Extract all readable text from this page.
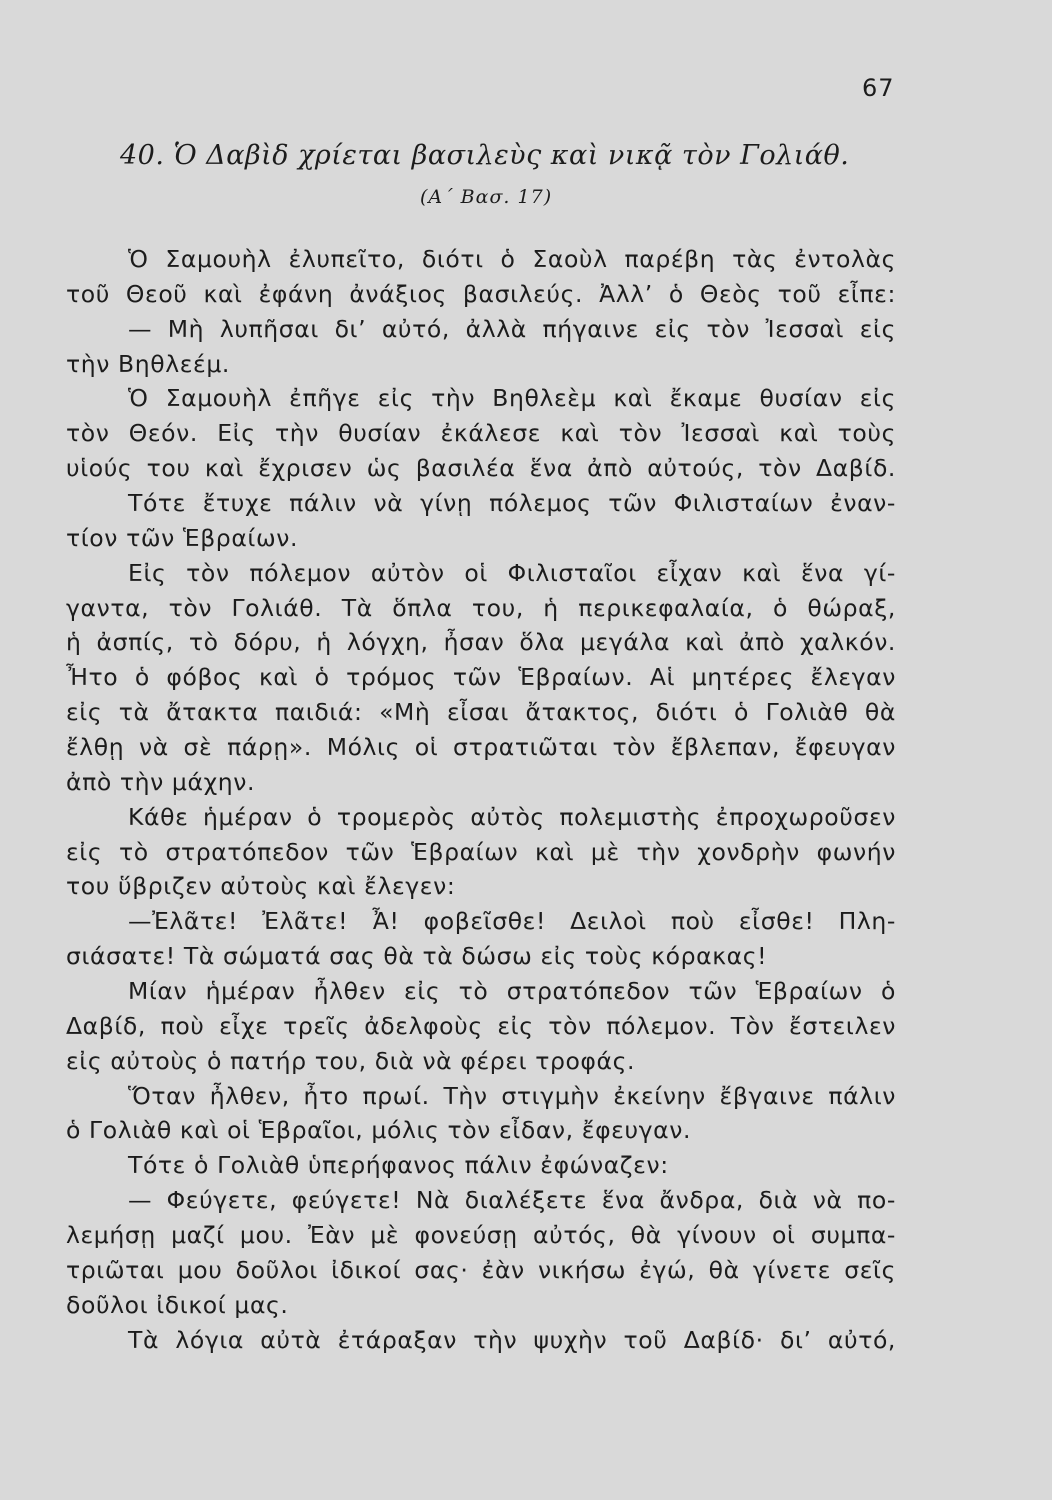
67
40. Ὁ Δαβὶδ χρίεται βασιλεὺς καὶ νικᾷ τὸν Γολιάθ.
(Α΄ Βασ. 17)
Ὁ Σαμουὴλ ἐλυπεῖτο, διότι ὁ Σαοὺλ παρέβη τὰς ἐντολὰς
τοῦ Θεοῦ καὶ ἐφάνη ἀνάξιος βασιλεύς. Ἀλλ’ ὁ Θεὸς τοῦ εἶπε:
— Μὴ λυπῆσαι δι’ αὐτό, ἀλλὰ πήγαινε εἰς τὸν Ἰεσσαὶ εἰς
τὴν Βηθλεέμ.
Ὁ Σαμουὴλ ἐπῆγε εἰς τὴν Βηθλεὲμ καὶ ἔκαμε θυσίαν εἰς
τὸν Θεόν. Εἰς τὴν θυσίαν ἐκάλεσε καὶ τὸν Ἰεσσαὶ καὶ τοὺς
υἱούς του καὶ ἔχρισεν ὡς βασιλέα ἕνα ἀπὸ αὐτούς, τὸν Δαβίδ.
Τότε ἔτυχε πάλιν νὰ γίνῃ πόλεμος τῶν Φιλισταίων ἐναν-
τίον τῶν Ἑβραίων.
Εἰς τὸν πόλεμον αὐτὸν οἱ Φιλισταῖοι εἶχαν καὶ ἕνα γί-
γαντα, τὸν Γολιάθ. Τὰ ὅπλα του, ἡ περικεφαλαία, ὁ θώραξ,
ἡ ἀσπίς, τὸ δόρυ, ἡ λόγχη, ἦσαν ὅλα μεγάλα καὶ ἀπὸ χαλκόν.
Ἦτο ὁ φόβος καὶ ὁ τρόμος τῶν Ἑβραίων. Αἱ μητέρες ἔλεγαν
εἰς τὰ ἄτακτα παιδιά: «Μὴ εἶσαι ἄτακτος, διότι ὁ Γολιὰθ θὰ
ἔλθῃ νὰ σὲ πάρῃ». Μόλις οἱ στρατιῶται τὸν ἔβλεπαν, ἔφευγαν
ἀπὸ τὴν μάχην.
Κάθε ἡμέραν ὁ τρομερὸς αὐτὸς πολεμιστὴς ἐπροχωροῦσεν
εἰς τὸ στρατόπεδον τῶν Ἑβραίων καὶ μὲ τὴν χονδρὴν φωνήν
του ὕβριζεν αὐτοὺς καὶ ἔλεγεν:
—Ἐλᾶτε! Ἐλᾶτε! Ἆ! φοβεῖσθε! Δειλοὶ ποὺ εἶσθε! Πλη-
σιάσατε! Τὰ σώματά σας θὰ τὰ δώσω εἰς τοὺς κόρακας!
Μίαν ἡμέραν ἦλθεν εἰς τὸ στρατόπεδον τῶν Ἑβραίων ὁ
Δαβίδ, ποὺ εἶχε τρεῖς ἀδελφοὺς εἰς τὸν πόλεμον. Τὸν ἔστειλεν
εἰς αὐτοὺς ὁ πατήρ του, διὰ νὰ φέρει τροφάς.
Ὅταν ἦλθεν, ἦτο πρωί. Τὴν στιγμὴν ἐκείνην ἔβγαινε πάλιν
ὁ Γολιὰθ καὶ οἱ Ἑβραῖοι, μόλις τὸν εἶδαν, ἔφευγαν.
Τότε ὁ Γολιὰθ ὑπερήφανος πάλιν ἐφώναζεν:
— Φεύγετε, φεύγετε! Νὰ διαλέξετε ἕνα ἄνδρα, διὰ νὰ πο-
λεμήσῃ μαζί μου. Ἐὰν μὲ φονεύσῃ αὐτός, θὰ γίνουν οἱ συμπα-
τριῶται μου δοῦλοι ἰδικοί σας· ἐὰν νικήσω ἐγώ, θὰ γίνετε σεῖς
δοῦλοι ἰδικοί μας.
Τὰ λόγια αὐτὰ ἐτάραξαν τὴν ψυχὴν τοῦ Δαβίδ· δι’ αὐτό,
